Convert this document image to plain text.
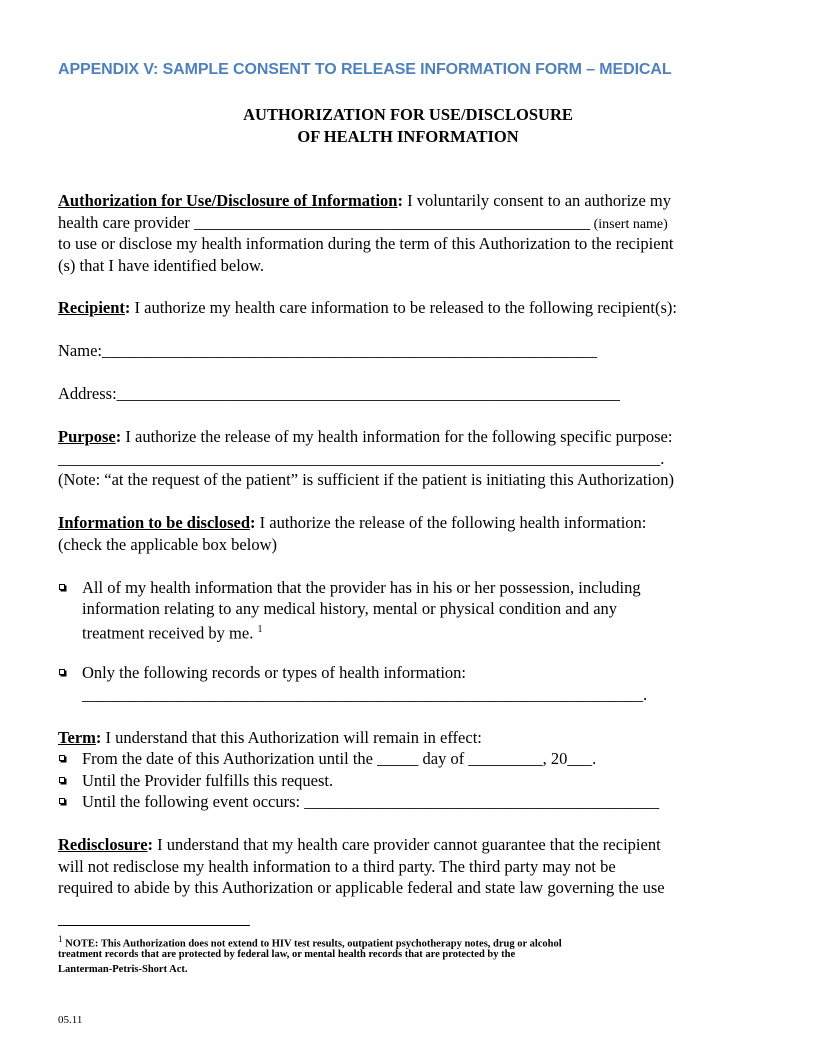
APPENDIX V: SAMPLE CONSENT TO RELEASE INFORMATION FORM – MEDICAL
AUTHORIZATION FOR USE/DISCLOSURE
OF HEALTH INFORMATION
Authorization for Use/Disclosure of Information: I voluntarily consent to an authorize my
health care provider ________________________________________________ (insert name)
to use or disclose my health information during the term of this Authorization to the recipient
(s) that I have identified below.
Recipient: I authorize my health care information to be released to the following recipient(s):
Name:____________________________________________________________
Address:_____________________________________________________________
Purpose: I authorize the release of my health information for the following specific purpose:
_________________________________________________________________________.
(Note: “at the request of the patient” is sufficient if the patient is initiating this Authorization)
Information to be disclosed: I authorize the release of the following health information:
(check the applicable box below)
All of my health information that the provider has in his or her possession, including
information relating to any medical history, mental or physical condition and any
treatment received by me. $^1$
Only the following records or types of health information:
____________________________________________________________________.
Term: I understand that this Authorization will remain in effect:
From the date of this Authorization until the _____ day of _________, 20___.
Until the Provider fulfills this request.
Until the following event occurs: ___________________________________________
Redisclosure: I understand that my health care provider cannot guarantee that the recipient
will not redisclose my health information to a third party. The third party may not be
required to abide by this Authorization or applicable federal and state law governing the use
1 NOTE: This Authorization does not extend to HIV test results, outpatient psychotherapy notes, drug or alcohol
treatment records that are protected by federal law, or mental health records that are protected by the
Lanterman-Petris-Short Act.
05.11
